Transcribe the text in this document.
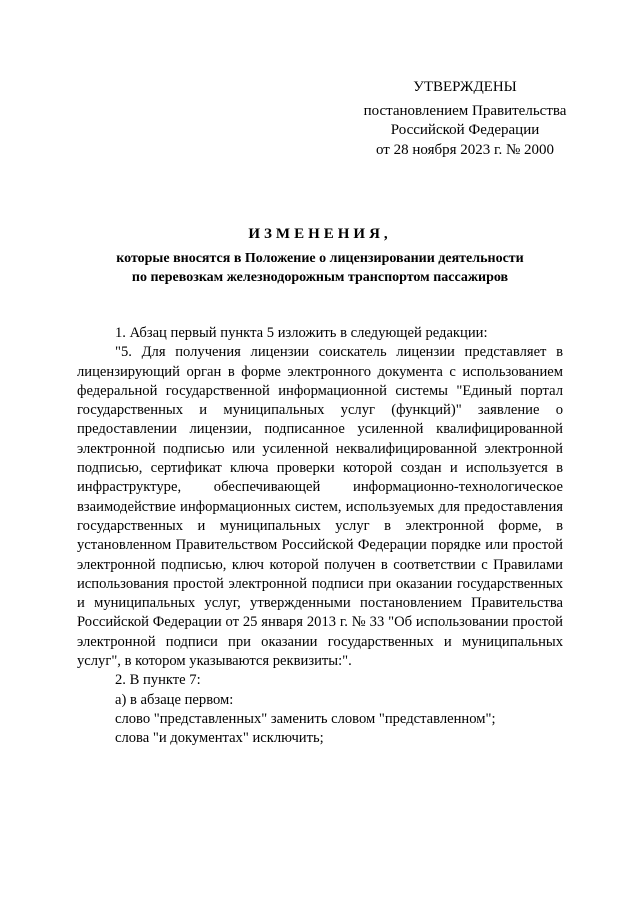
УТВЕРЖДЕНЫ
постановлением Правительства
Российской Федерации
от 28 ноября 2023 г. № 2000
ИЗМЕНЕНИЯ,
которые вносятся в Положение о лицензировании деятельности
по перевозкам железнодорожным транспортом пассажиров

1. Абзац первый пункта 5 изложить в следующей редакции:

"5. Для получения лицензии соискатель лицензии представляет в лицензирующий орган в форме электронного документа с использованием федеральной государственной информационной системы "Единый портал государственных и муниципальных услуг (функций)" заявление о предоставлении лицензии, подписанное усиленной квалифицированной электронной подписью или усиленной неквалифицированной электронной подписью, сертификат ключа проверки которой создан и используется в инфраструктуре, обеспечивающей информационно-технологическое взаимодействие информационных систем, используемых для предоставления государственных и муниципальных услуг в электронной форме, в установленном Правительством Российской Федерации порядке или простой электронной подписью, ключ которой получен в соответствии с Правилами использования простой электронной подписи при оказании государственных и муниципальных услуг, утвержденными постановлением Правительства Российской Федерации от 25 января 2013 г. № 33 "Об использовании простой электронной подписи при оказании государственных и муниципальных услуг", в котором указываются реквизиты:".

2. В пункте 7:

а) в абзаце первом:

слово "представленных" заменить словом "представленном";

слова "и документах" исключить;
